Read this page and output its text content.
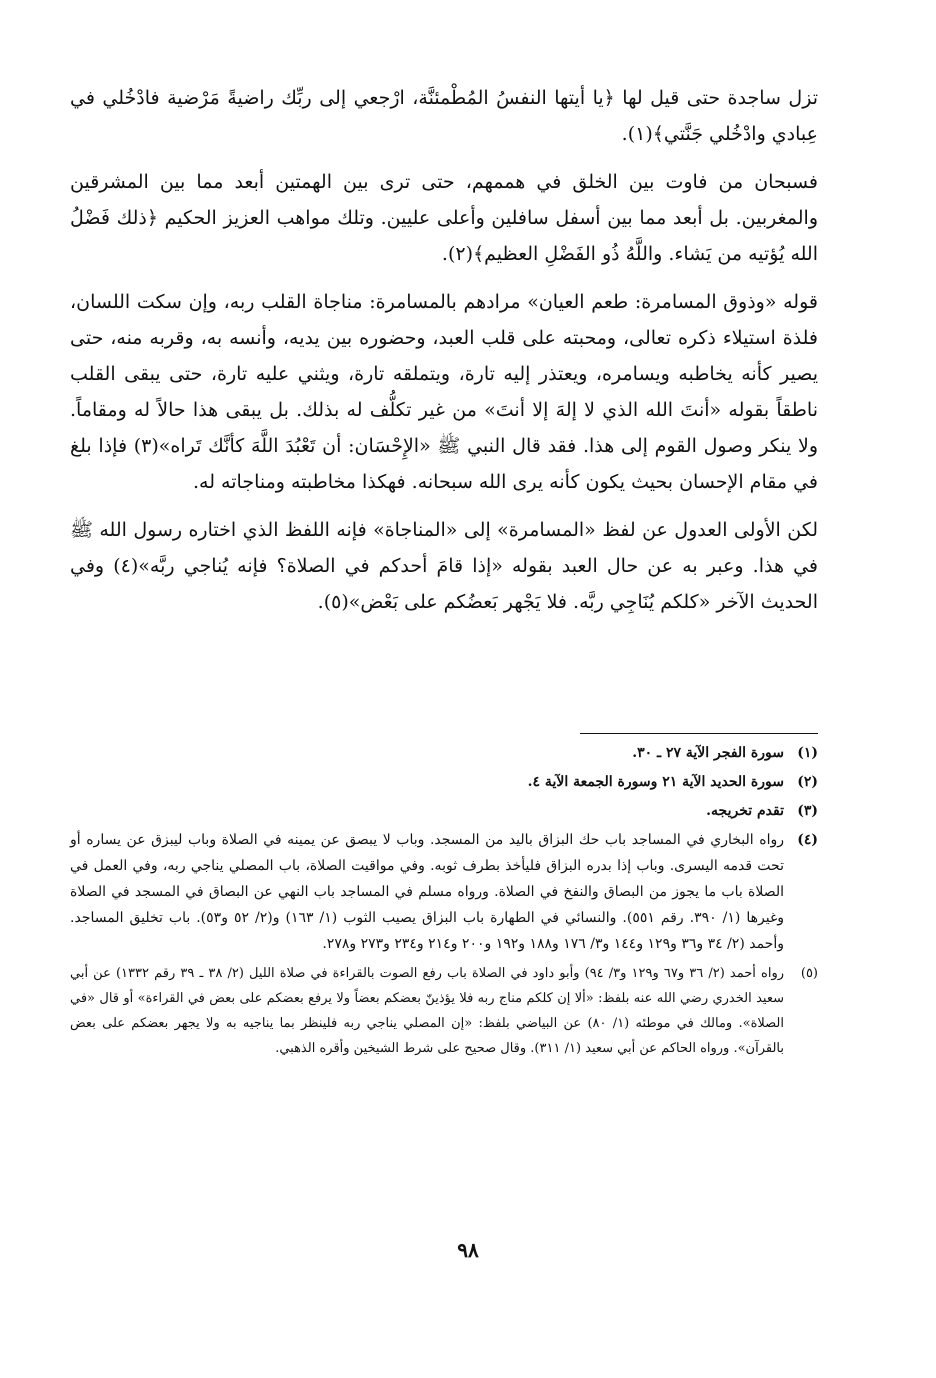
تزل ساجدة حتى قيل لها ﴿يا أيتها النفسُ المُطْمئنَّة، ارْجعي إلى ربِّك راضيةً مَرْضية فادْخُلي في عِبادي وادْخُلي جَنَّتي﴾(١).

فسبحان من فاوت بين الخلق في هممهم، حتى ترى بين الهمتين أبعد مما بين المشرقين والمغربين. بل أبعد مما بين أسفل سافلين وأعلى عليين. وتلك مواهب العزيز الحكيم ﴿ذلك فَضْلُ الله يُؤتيه من يَشاء. واللَّهُ ذُو الفَضْلِ العظيم﴾(٢).

قوله «وذوق المسامرة: طعم العيان» مرادهم بالمسامرة: مناجاة القلب ربه، وإن سكت اللسان، فلذة استيلاء ذكره تعالى، ومحبته على قلب العبد، وحضوره بين يديه، وأنسه به، وقربه منه، حتى يصير كأنه يخاطبه ويسامره، ويعتذر إليه تارة، ويتملقه تارة، ويثني عليه تارة، حتى يبقى القلب ناطقاً بقوله «أنتَ الله الذي لا إلهَ إلا أنتَ» من غير تكلُّف له بذلك. بل يبقى هذا حالاً له ومقاماً. ولا ينكر وصول القوم إلى هذا. فقد قال النبي ﷺ «الإِحْسَان: أن تَعْبُدَ اللَّهَ كأنَّك تَراه»(٣) فإذا بلغ في مقام الإحسان بحيث يكون كأنه يرى الله سبحانه. فهكذا مخاطبته ومناجاته له.

لكن الأولى العدول عن لفظ «المسامرة» إلى «المناجاة» فإنه اللفظ الذي اختاره رسول الله ﷺ في هذا. وعبر به عن حال العبد بقوله «إذا قامَ أحدكم في الصلاة؟ فإنه يُناجي ربَّه»(٤) وفي الحديث الآخر «كلكم يُنَاجِي ربَّه. فلا يَجْهر بَعضُكم على بَعْض»(٥).

(١)
سورة الفجر الآية ٢٧ ـ ٣٠.
(٢)
سورة الحديد الآية ٢١ وسورة الجمعة الآية ٤.
(٣)
تقدم تخريجه.
(٤)
رواه البخاري في المساجد باب حك البزاق باليد من المسجد. وباب لا يبصق عن يمينه في الصلاة وباب ليبزق عن يساره أو تحت قدمه اليسرى. وباب إذا بدره البزاق فليأخذ بطرف ثوبه. وفي مواقيت الصلاة، باب المصلي يناجي ربه، وفي العمل في الصلاة باب ما يجوز من البصاق والنفخ في الصلاة. ورواه مسلم في المساجد باب النهي عن البصاق في المسجد في الصلاة وغيرها (١/ ٣٩٠. رقم ٥٥١). والنسائي في الطهارة باب البزاق يصيب الثوب (١/ ١٦٣) و(٢/ ٥٢ و٥٣). باب تخليق المساجد. وأحمد (٢/ ٣٤ و٣٦ و١٢٩ و١٤٤ و٣/ ١٧٦ و١٨٨ و١٩٢ و٢٠٠ و٢١٤ و٢٣٤ و٢٧٣ و٢٧٨.
(٥)
رواه أحمد (٢/ ٣٦ و٦٧ و١٢٩ و٣/ ٩٤) وأبو داود في الصلاة باب رفع الصوت بالقراءة في صلاة الليل (٢/ ٣٨ ـ ٣٩ رقم ١٣٣٢) عن أبي سعيد الخدري رضي الله عنه بلفظ: «ألا إن كلكم مناج ربه فلا يؤذينّ بعضكم بعضاً ولا يرفع بعضكم على بعض في القراءة» أو قال «في الصلاة». ومالك في موطئه (١/ ٨٠) عن البياضي بلفظ: «إن المصلي يناجي ربه فلينظر بما يناجيه به ولا يجهر بعضكم على بعض بالقرآن». ورواه الحاكم عن أبي سعيد (١/ ٣١١). وقال صحيح على شرط الشيخين وأقره الذهبي.
٩٨
